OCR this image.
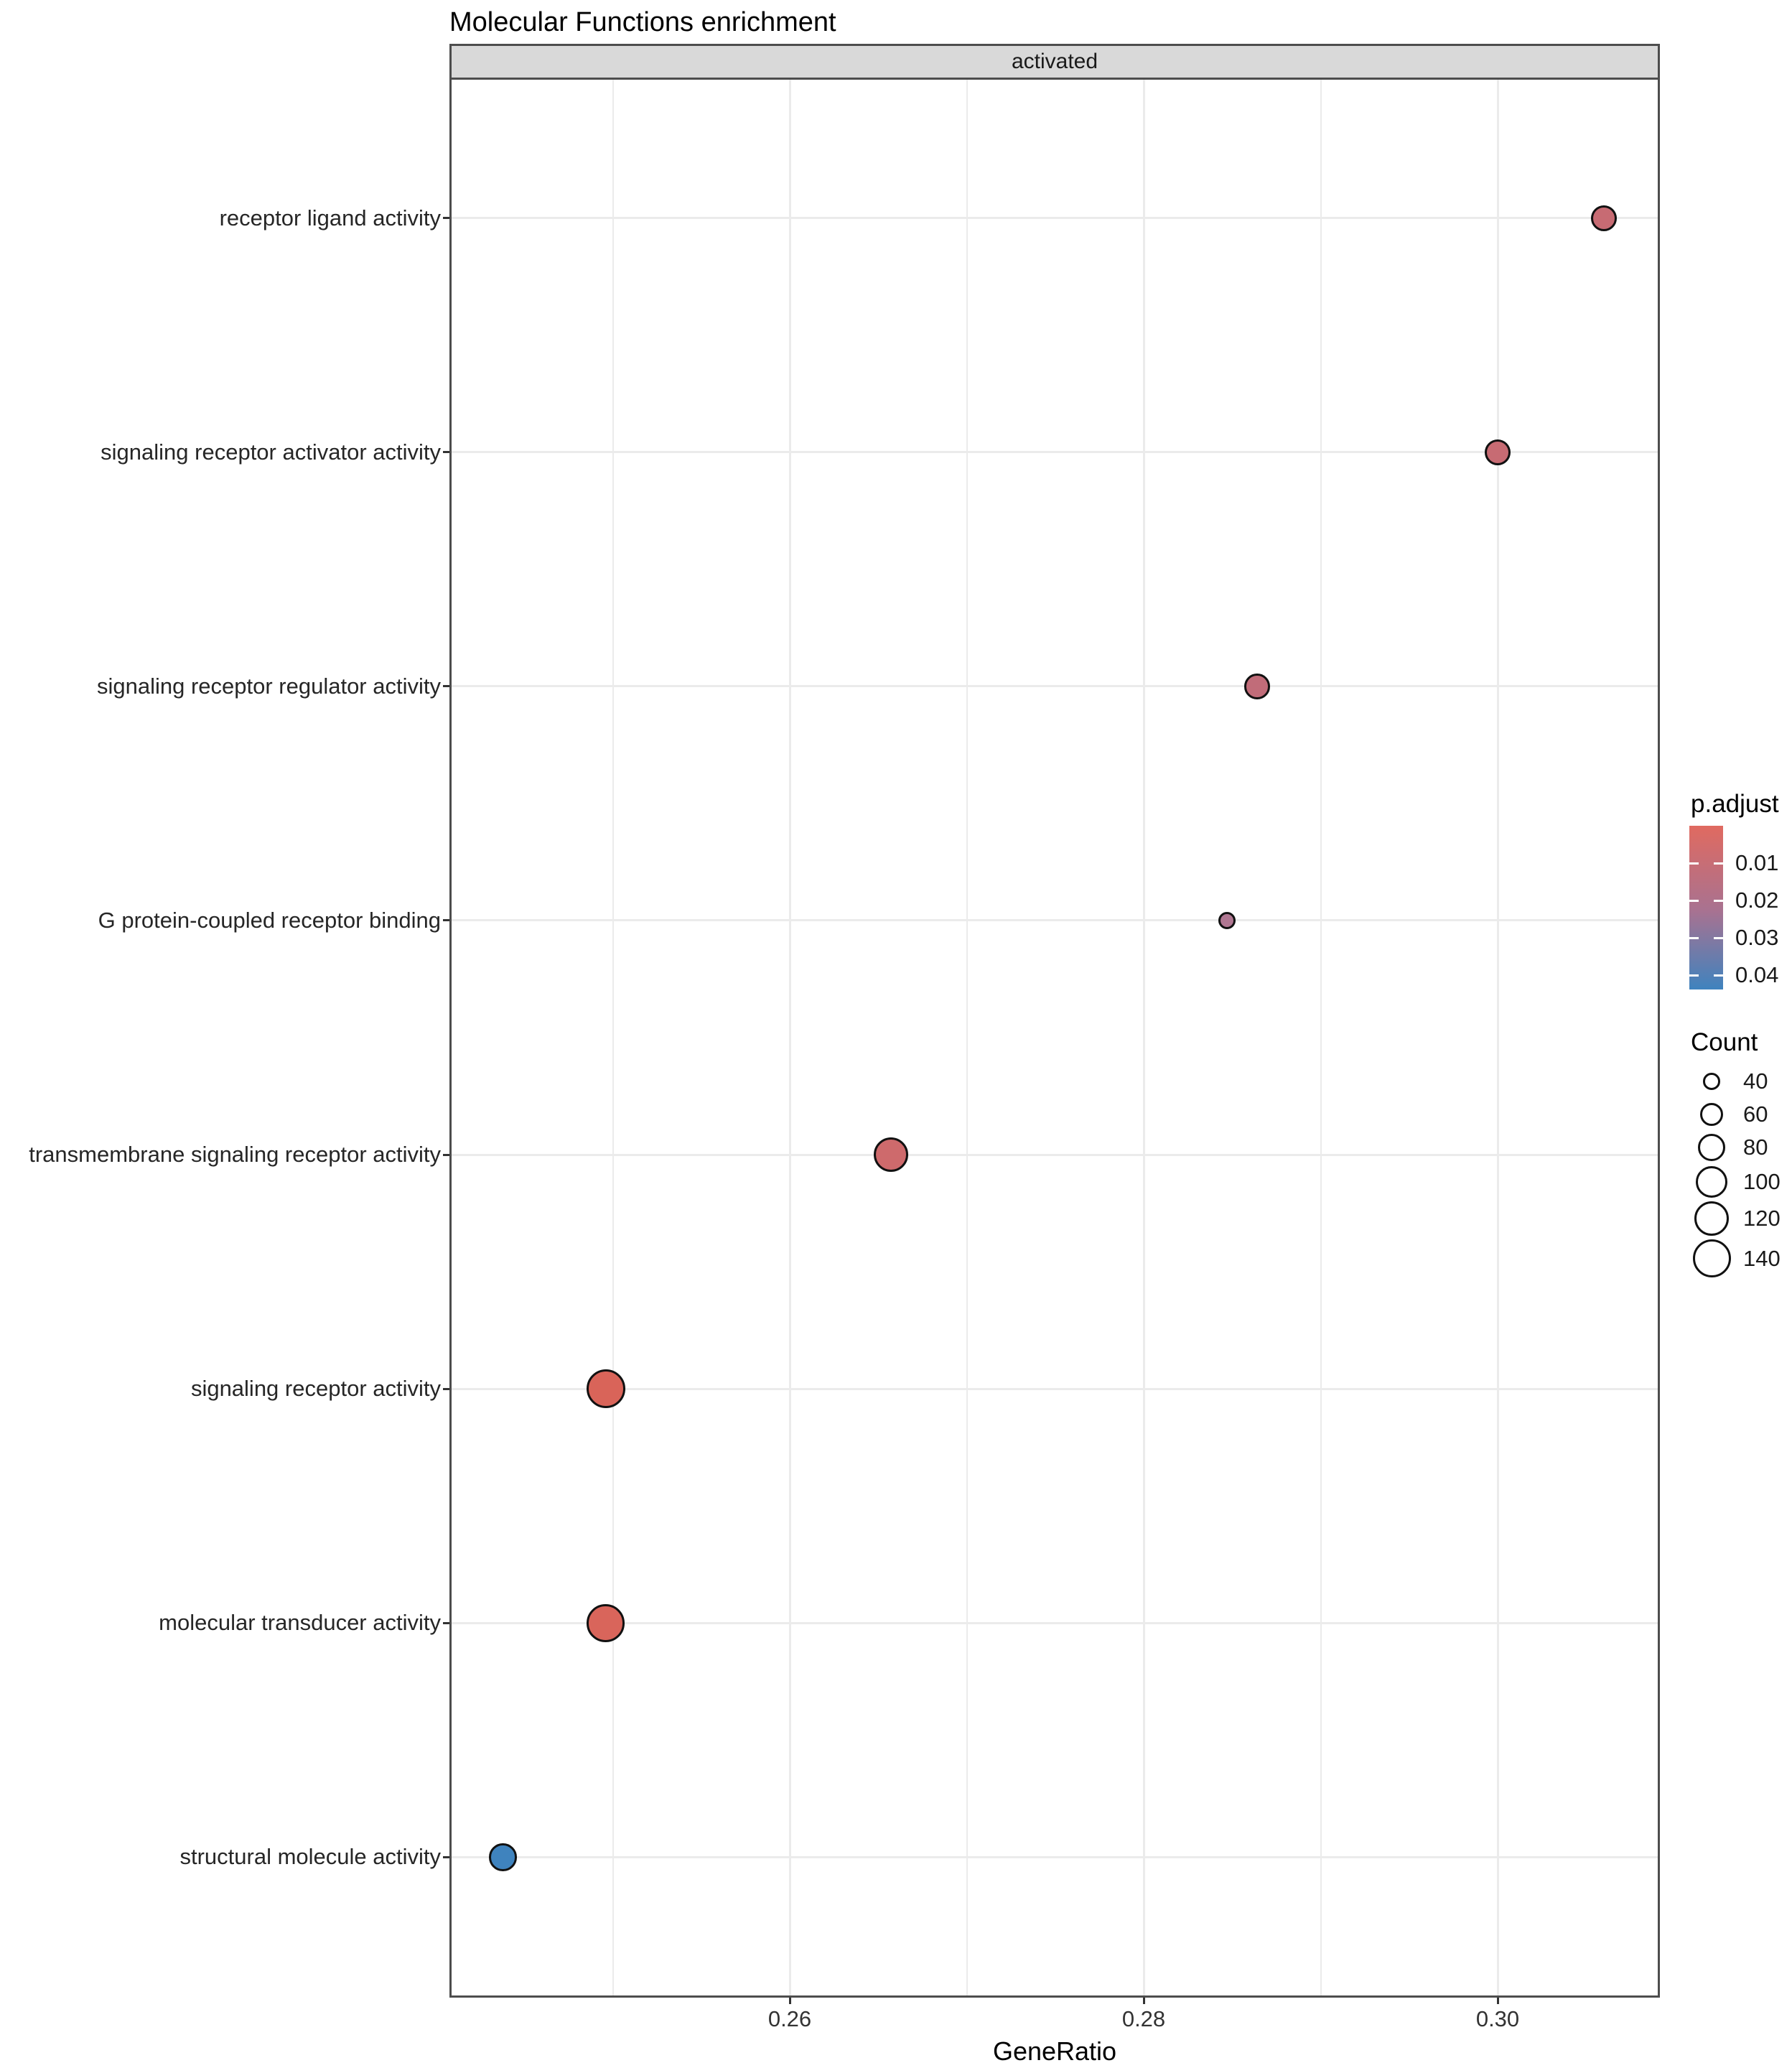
Molecular Functions enrichment
activated
GeneRatio
p.adjust
Count
receptor ligand activity
signaling receptor activator activity
signaling receptor regulator activity
G protein-coupled receptor binding
transmembrane signaling receptor activity
signaling receptor activity
molecular transducer activity
structural molecule activity
0.26	0.28	0.30
0.01
0.02
0.03
0.04
40
60
80
100
120
140
